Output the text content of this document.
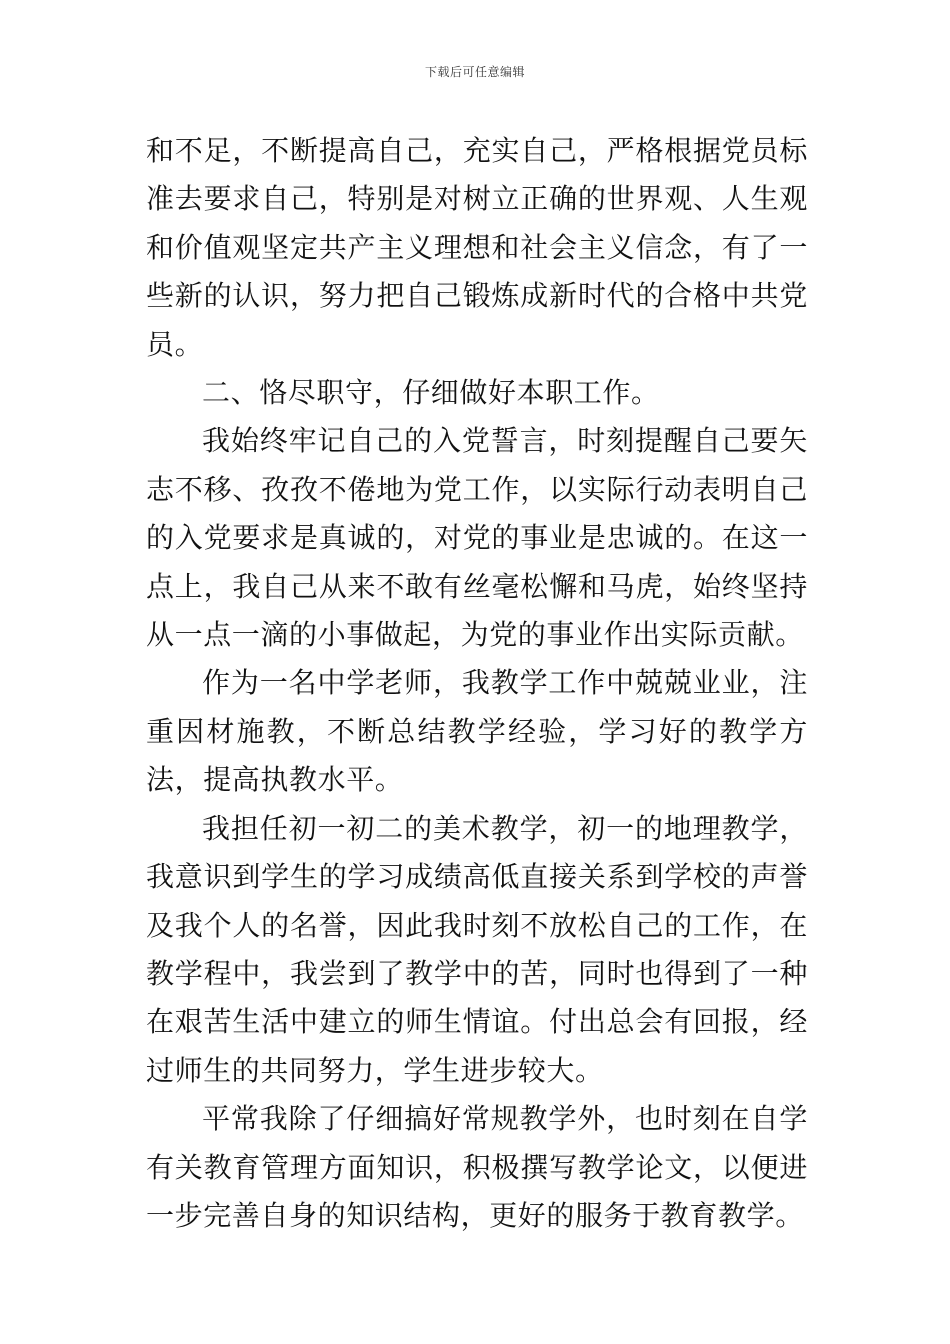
下载后可任意编辑

和不足，不断提高自己，充实自己，严格根据党员标准去要求自己，特别是对树立正确的世界观、人生观和价值观坚定共产主义理想和社会主义信念，有了一些新的认识，努力把自己锻炼成新时代的合格中共党员。

二、恪尽职守，仔细做好本职工作。

我始终牢记自己的入党誓言，时刻提醒自己要矢志不移、孜孜不倦地为党工作，以实际行动表明自己的入党要求是真诚的，对党的事业是忠诚的。在这一点上，我自己从来不敢有丝毫松懈和马虎，始终坚持从一点一滴的小事做起，为党的事业作出实际贡献。

作为一名中学老师，我教学工作中兢兢业业，注重因材施教，不断总结教学经验，学习好的教学方法，提高执教水平。

我担任初一初二的美术教学，初一的地理教学，我意识到学生的学习成绩高低直接关系到学校的声誉及我个人的名誉，因此我时刻不放松自己的工作，在教学程中，我尝到了教学中的苦，同时也得到了一种在艰苦生活中建立的师生情谊。付出总会有回报，经过师生的共同努力，学生进步较大。

平常我除了仔细搞好常规教学外，也时刻在自学有关教育管理方面知识，积极撰写教学论文，以便进一步完善自身的知识结构，更好的服务于教育教学。
